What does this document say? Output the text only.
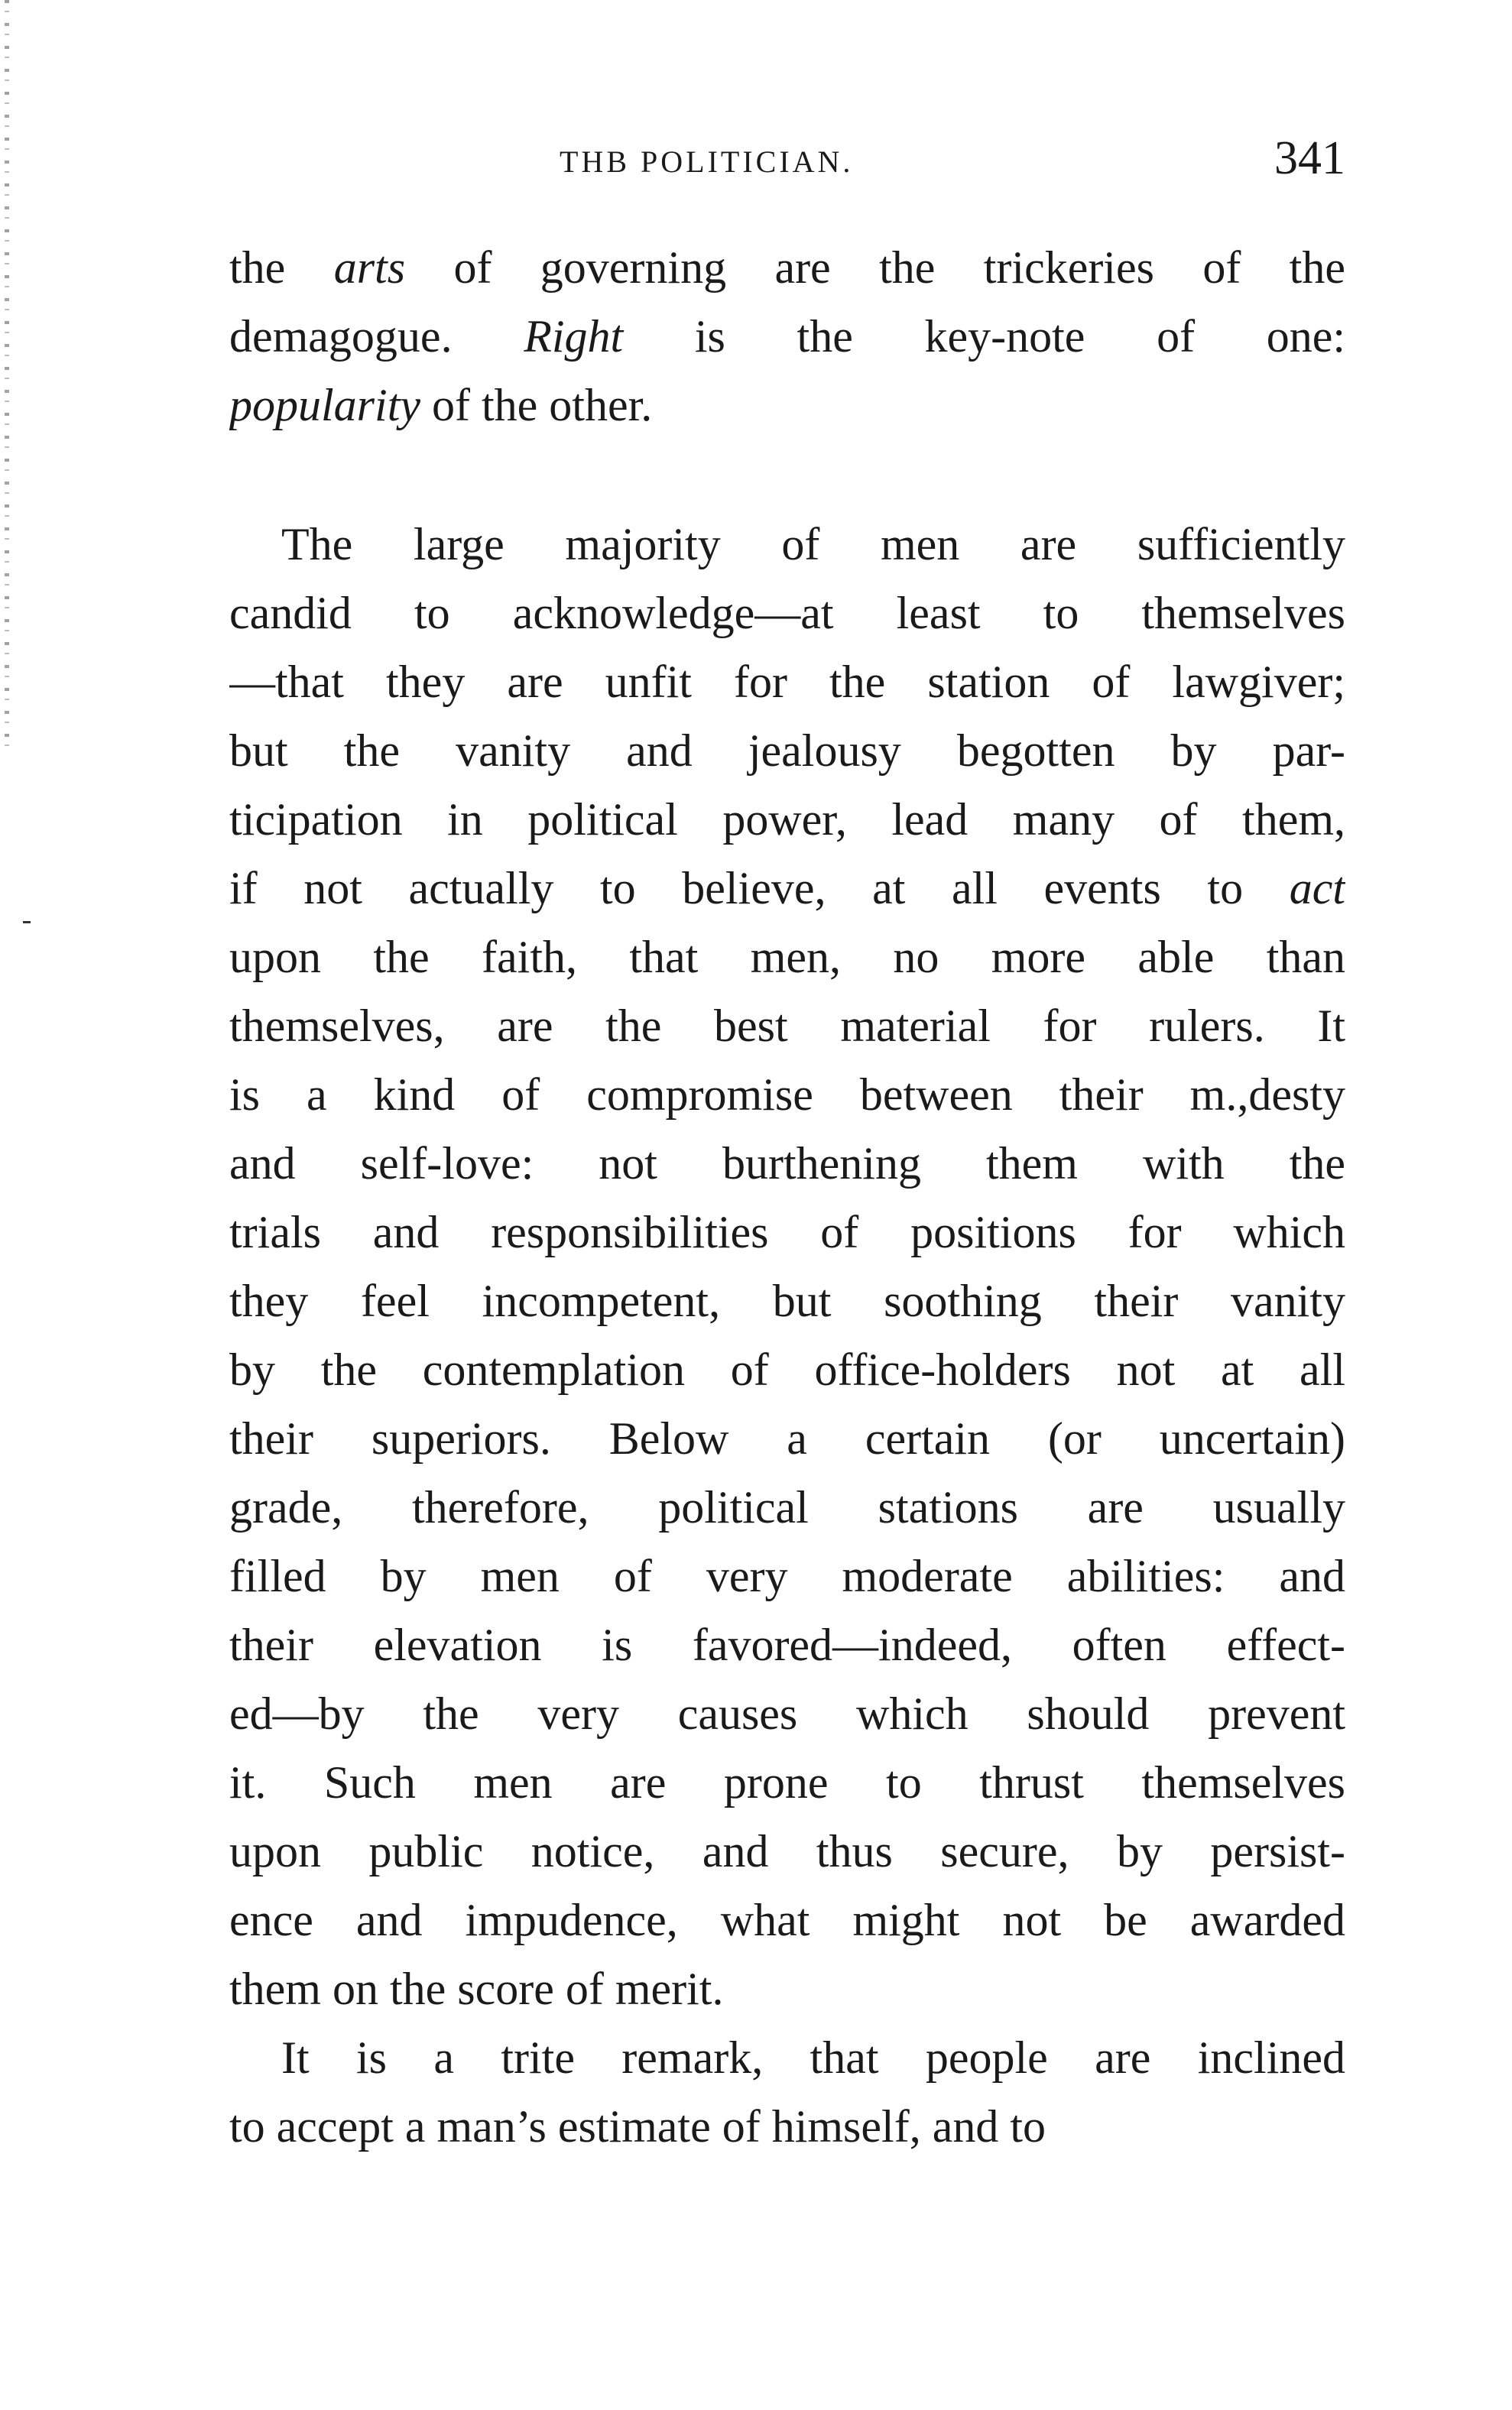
THB POLITICIAN.	341
the arts of governing are the trickeries of the
demagogue. Right is the key-note of one:
popularity of the other.
The large majority of men are sufficiently
candid to acknowledge—at least to themselves
—that they are unfit for the station of lawgiver;
but the vanity and jealousy begotten by par-
ticipation in political power, lead many of them,
if not actually to believe, at all events to act
upon the faith, that men, no more able than
themselves, are the best material for rulers. It
is a kind of compromise between their m.,desty
and self-love: not burthening them with the
trials and responsibilities of positions for which
they feel incompetent, but soothing their vanity
by the contemplation of office-holders not at all
their superiors. Below a certain (or uncertain)
grade, therefore, political stations are usually
filled by men of very moderate abilities: and
their elevation is favored—indeed, often effect-
ed—by the very causes which should prevent
it. Such men are prone to thrust themselves
upon public notice, and thus secure, by persist-
ence and impudence, what might not be awarded
them on the score of merit.
It is a trite remark, that people are inclined
to accept a man’s estimate of himself, and to
